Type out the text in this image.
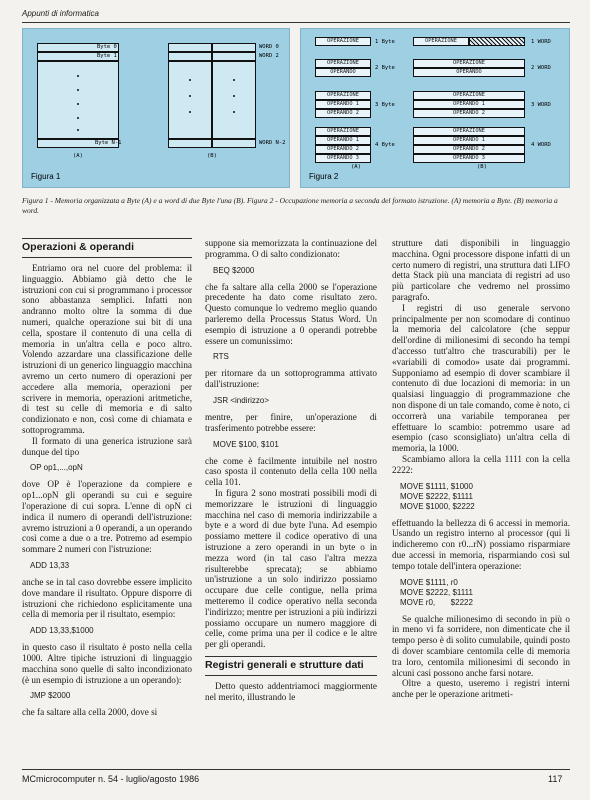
Appunti di informatica
Byte 0
Byte 1
Byte N-1
(A)
WORD 0
WORD 2
WORD N-2
(B)
Figura 1
(A)	(B)
Figura 2
OPERAZIONE	1 Byte
OPERAZIONE
OPERANDO
2 Byte
OPERAZIONE
OPERANDO 1
OPERANDO 2
3 Byte
OPERAZIONE
OPERANDO 1
OPERANDO 2
OPERANDO 3
4 Byte
OPERAZIONE	1 WORD
OPERAZIONE
OPERANDO
2 WORD
OPERAZIONE
OPERANDO 1
OPERANDO 2
3 WORD
OPERAZIONE
OPERANDO 1
OPERANDO 2
OPERANDO 3
4 WORD
Figura 1 - Memoria organizzata a Byte (A) e a word di due Byte l'una (B). Figura 2 - Occupazione memoria a seconda del formato istruzione. (A) memoria a Byte. (B) memoria a word.
Operazioni & operandi

Entriamo ora nel cuore del problema: il linguaggio. Abbiamo già detto che le istruzioni con cui si programmano i processor sono abbastanza semplici. Infatti non andranno molto oltre la somma di due numeri, qualche operazione sui bit di una cella, spostare il contenuto di una cella di memoria in un'altra cella e poco altro. Volendo azzardare una classificazione delle istruzioni di un generico linguaggio macchina avremo un certo numero di operazioni per accedere alla memoria, operazioni per scrivere in memoria, operazioni aritmetiche, di test su celle di memoria e di salto condizionato e non, così come di chiamata e sottoprogramma.

Il formato di una generica istruzione sarà dunque del tipo

OP op1,...,opN

dove OP è l'operazione da compiere e op1...opN gli operandi su cui e seguire l'operazione di cui sopra. L'enne di opN ci indica il numero di operandi dell'istruzione: avremo istruzioni a 0 operandi, a un operando così come a due o a tre. Potremo ad esempio sommare 2 numeri con l'istruzione:

ADD 13,33

anche se in tal caso dovrebbe essere implicito dove mandare il risultato. Oppure disporre di istruzioni che richiedono esplicitamente una cella di memoria per il risultato, esempio:

ADD 13,33,$1000

in questo caso il risultato è posto nella cella 1000. Altre tipiche istruzioni di linguaggio macchina sono quelle di salto incondizionato (è un esempio di istruzione a un operando):

JMP $2000

che fa saltare alla cella 2000, dove si

suppone sia memorizzata la continuazione del programma. O di salto condizionato:

BEQ $2000

che fa saltare alla cella 2000 se l'operazione precedente ha dato come risultato zero. Questo comunque lo vedremo meglio quando parleremo della Processus Status Word. Un esempio di istruzione a 0 operandi potrebbe essere un comunissimo:

RTS

per ritornare da un sottoprogramma attivato dall'istruzione:

JSR <indirizzo>

mentre, per finire, un'operazione di trasferimento potrebbe essere:

MOVE $100, $101

che come è facilmente intuibile nel nostro caso sposta il contenuto della cella 100 nella cella 101.

In figura 2 sono mostrati possibili modi di memorizzare le istruzioni di linguaggio macchina nel caso di memoria indirizzabile a byte e a word di due byte l'una. Ad esempio possiamo mettere il codice operativo di una istruzione a zero operandi in un byte o in mezza word (in tal caso l'altra mezza risulterebbe sprecata); se abbiamo un'istruzione a un solo indirizzo possiamo occupare due celle contigue, nella prima metteremo il codice operativo nella seconda l'indirizzo; mentre per istruzioni a più indirizzi possiamo occupare un numero maggiore di celle, come prima una per il codice e le altre per gli operandi.

Registri generali e strutture dati

Detto questo addentriamoci maggiormente nel merito, illustrando le

strutture dati disponibili in linguaggio macchina. Ogni processore dispone infatti di un certo numero di registri, una struttura dati LIFO detta Stack più una manciata di registri ad uso più particolare che vedremo nel prossimo paragrafo.

I registri di uso generale servono principalmente per non scomodare di continuo la memoria del calcolatore (che seppur dell'ordine di milionesimi di secondo ha tempi d'accesso tutt'altro che trascurabili) per le «variabili di comodo» usate dai programmi. Supponiamo ad esempio di dover scambiare il contenuto di due locazioni di memoria: in un qualsiasi linguaggio di programmazione che non dispone di un tale comando, come è noto, ci occorrerà una variabile temporanea per effettuare lo scambio: potremmo usare ad esempio (caso sconsigliato) un'altra cella di memoria, la 1000.

Scambiamo allora la cella 1111 con la cella 2222:

MOVE $1111, $1000
MOVE $2222, $1111
MOVE $1000, $2222

effettuando la bellezza di 6 accessi in memoria. Usando un registro interno al processor (qui li indicheremo con r0...rN) possiamo risparmiare due accessi in memoria, risparmiando così sul tempo totale dell'intera operazione:

MOVE $1111, r0
MOVE $2222, $1111
MOVE r0,       $2222

Se qualche milionesimo di secondo in più o in meno vi fa sorridere, non dimenticate che il tempo perso è di solito cumulabile, quindi posto di dover scambiare centomila celle di memoria tra loro, centomila milionesimi di secondo in alcuni casi possono anche farsi notare.

Oltre a questo, useremo i registri interni anche per le operazione aritmeti-

MCmicrocomputer n. 54 - luglio/agosto 1986	117
